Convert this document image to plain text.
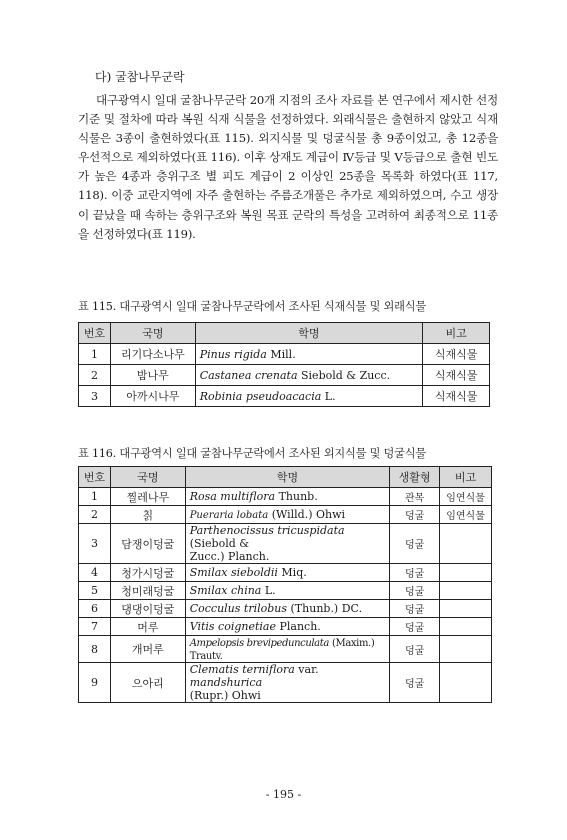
다) 굴참나무군락
대구광역시 일대 굴참나무군락 20개 지점의 조사 자료를 본 연구에서 제시한 선정 기준 및 절차에 따라 복원 식재 식물을 선정하였다. 외래식물은 출현하지 않았고 식재식물은 3종이 출현하였다(표 115). 외지식물 및 덩굴식물 총 9종이었고, 총 12종을 우선적으로 제외하였다(표 116). 이후 상재도 계급이 Ⅳ등급 및 Ⅴ등급으로 출현 빈도가 높은 4종과 층위구조 별 피도 계급이 2 이상인 25종을 목록화 하였다(표 117, 118). 이중 교란지역에 자주 출현하는 주름조개풀은 추가로 제외하였으며, 수고 생장이 끝났을 때 속하는 층위구조와 복원 목표 군락의 특성을 고려하여 최종적으로 11종을 선정하였다(표 119).
표 115. 대구광역시 일대 굴참나무군락에서 조사된 식재식물 및 외래식물
번호	국명	학명	비고
1	리기다소나무	Pinus rigida Mill.	식재식물
2	밤나무	Castanea crenata Siebold & Zucc.	식재식물
3	아까시나무	Robinia pseudoacacia L.	식재식물
표 116. 대구광역시 일대 굴참나무군락에서 조사된 외지식물 및 덩굴식물
번호	국명	학명	생활형	비고
1	찔레나무	Rosa multiflora Thunb.	관목	임연식물
2	칡	Pueraria lobata (Willd.) Ohwi	덩굴	임연식물
3	담쟁이덩굴	Parthenocissus tricuspidata (Siebold &
Zucc.) Planch.	덩굴	
4	청가시덩굴	Smilax sieboldii Miq.	덩굴	
5	청미래덩굴	Smilax china L.	덩굴	
6	댕댕이덩굴	Cocculus trilobus (Thunb.) DC.	덩굴	
7	머루	Vitis coignetiae Planch.	덩굴	
8	개머루	Ampelopsis brevipedunculata (Maxim.) Trautv.	덩굴	
9	으아리	Clematis terniflora var. mandshurica
(Rupr.) Ohwi	덩굴	
- 195 -
